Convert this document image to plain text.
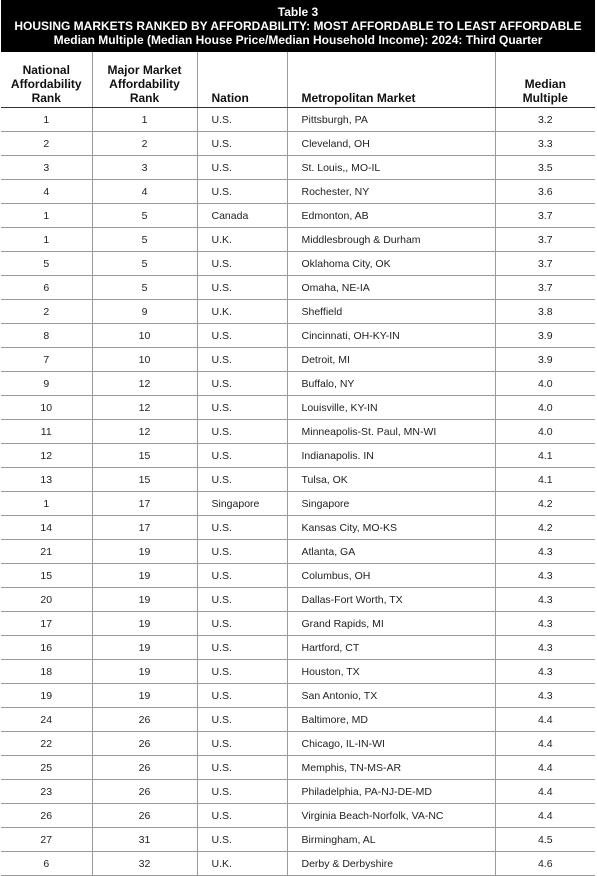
Table 3
HOUSING MARKETS RANKED BY AFFORDABILITY: MOST AFFORDABLE TO LEAST AFFORDABLE
Median Multiple (Median House Price/Median Household Income): 2024: Third Quarter
National
Affordability
Rank	Major Market
Affordability
Rank	Nation	Metropolitan Market	Median
Multiple
1	1	U.S.	Pittsburgh, PA	3.2
2	2	U.S.	Cleveland, OH	3.3
3	3	U.S.	St. Louis,, MO-IL	3.5
4	4	U.S.	Rochester, NY	3.6
1	5	Canada	Edmonton, AB	3.7
1	5	U.K.	Middlesbrough & Durham	3.7
5	5	U.S.	Oklahoma City, OK	3.7
6	5	U.S.	Omaha, NE-IA	3.7
2	9	U.K.	Sheffield	3.8
8	10	U.S.	Cincinnati, OH-KY-IN	3.9
7	10	U.S.	Detroit, MI	3.9
9	12	U.S.	Buffalo, NY	4.0
10	12	U.S.	Louisville, KY-IN	4.0
11	12	U.S.	Minneapolis-St. Paul, MN-WI	4.0
12	15	U.S.	Indianapolis. IN	4.1
13	15	U.S.	Tulsa, OK	4.1
1	17	Singapore	Singapore	4.2
14	17	U.S.	Kansas City, MO-KS	4.2
21	19	U.S.	Atlanta, GA	4.3
15	19	U.S.	Columbus, OH	4.3
20	19	U.S.	Dallas-Fort Worth, TX	4.3
17	19	U.S.	Grand Rapids, MI	4.3
16	19	U.S.	Hartford, CT	4.3
18	19	U.S.	Houston, TX	4.3
19	19	U.S.	San Antonio, TX	4.3
24	26	U.S.	Baltimore, MD	4.4
22	26	U.S.	Chicago, IL-IN-WI	4.4
25	26	U.S.	Memphis, TN-MS-AR	4.4
23	26	U.S.	Philadelphia, PA-NJ-DE-MD	4.4
26	26	U.S.	Virginia Beach-Norfolk, VA-NC	4.4
27	31	U.S.	Birmingham, AL	4.5
6	32	U.K.	Derby & Derbyshire	4.6
